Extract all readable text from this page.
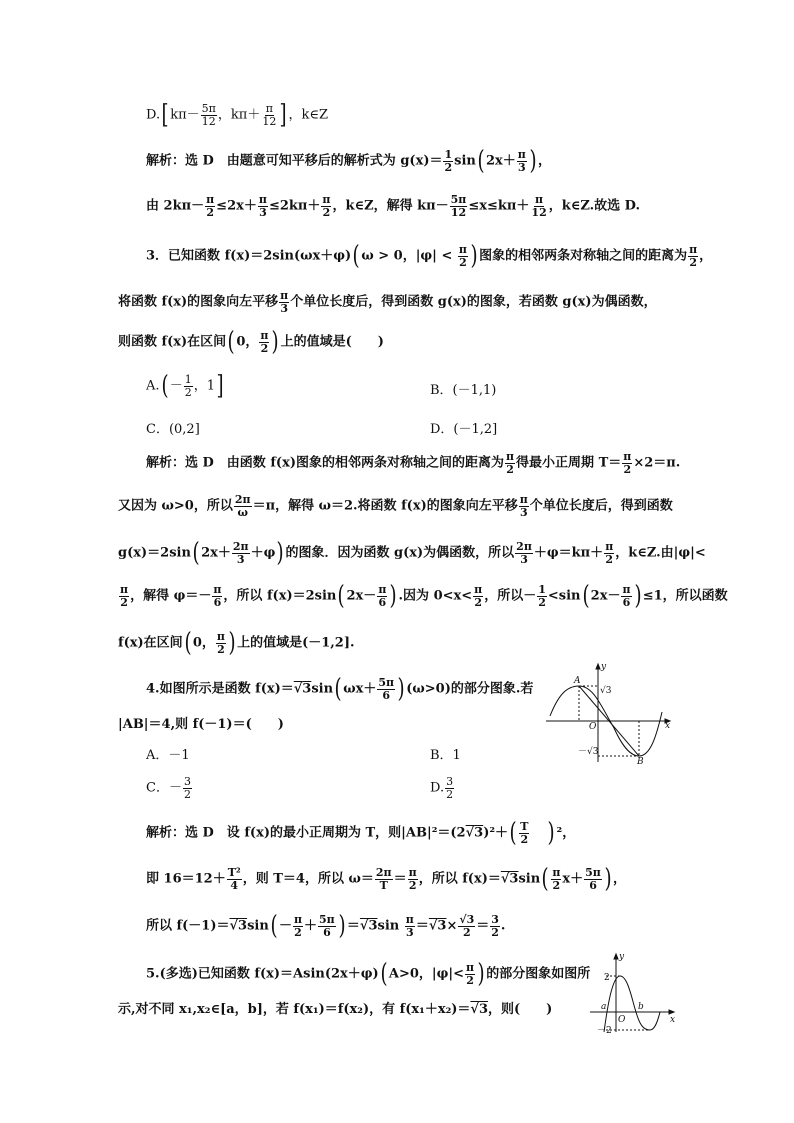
D.[ $k\pi- \frac{5\pi}{12}$ ，$k\pi+ \frac{\pi}{12}$ ] ，k∈Z
解析：选 D　由题意可知平移后的解析式为 $g(x)= \frac{1}{2} \sin$( $2x+ \frac{\pi}{3}$ ) ，
由 $2k\pi- \frac{\pi}{2} \le 2x+ \frac{\pi}{3} \le 2k\pi+ \frac{\pi}{2}$ ，k∈Z，解得 $k\pi- \frac{5\pi}{12} \le x\le k\pi+ \frac{\pi}{12}$ ，k∈Z.故选 D.
3．已知函数 f(x)＝2sin(ωx＋φ)( ω > 0，$|\varphi| < \frac{\pi}{2}$ ) 图象的相邻两条对称轴之间的距离为 $\frac{\pi}{2}$ ，
将函数 f(x)的图象向左平移 $\frac{\pi}{3}$ 个单位长度后，得到函数 g(x)的图象，若函数 g(x)为偶函数，
则函数 f(x)在区间( 0， $\frac{\pi}{2}$ ) 上的值域是(　　)
$A.( - \frac{1}{2}$ ，1]	B．(－1,1)
C．(0,2]	D．(－1,2]
解析：选 D　由函数 f(x)图象的相邻两条对称轴之间的距离为 $\frac{\pi}{2}$ 得最小正周期 $T= \frac{\pi}{2} \times 2=\pi$.
又因为 ω>0，所以 $\frac{2\pi}{\omega} =\pi$，解得 ω＝2.将函数 f(x)的图象向左平移 $\frac{\pi}{3}$ 个单位长度后，得到函数
g(x)＝2sin( $2x+ \frac{2\pi}{3} +\varphi$) 的图象．因为函数 g(x)为偶函数，所以 $\frac{2\pi}{3} +\varphi=k\pi+ \frac{\pi}{2}$ ，k∈Z.由|φ|<
$\frac{\pi}{2}$ ，解得 $\varphi=- \frac{\pi}{6}$ ，所以 f(x)＝2sin( $2x- \frac{\pi}{6}$ ) .因为 $0<x< \frac{\pi}{2}$ ，所以－ $\frac{1}{2} <\sin$( $2x- \frac{\pi}{6}$ ) ≤1，所以函数
f(x)在区间( 0， $\frac{\pi}{2}$ ) 上的值域是(－1,2].
4.如图所示是函数 f(x)＝√3sin( $\omega x+ \frac{5\pi}{6}$ ) (ω>0)的部分图象.若
|AB|＝4,则 f(－1)＝(　　)
A．－1	B．1
C．－ $\frac{3}{2}$	D. $\frac{3}{2}$
A
B
O	x
y
√3
－√3
解析：选 D　设 f(x)的最小正周期为 T，则$|AB|^2=(2√3)^2+( \frac{T}{2}$ ) ²，
即 $16=12+ \frac{\text{T²}}{4}$ ，则 T＝4，所以 $\omega= \frac{2\pi}{T} = \frac{\pi}{2}$ ，所以 $f(x)=√3\sin( \frac{\pi}{2} x+ \frac{5\pi}{6}$ ) ，
所以 $f(-1)=√3\sin( - \frac{\pi}{2} + \frac{5\pi}{6}$ ) $=√3\sin \frac{\pi}{3} =√3\times \frac{√3}{2} = \frac{3}{2}$ .
5.(多选)已知函数 f(x)＝Asin(2x＋φ)( A>0，$|\varphi|< \frac{\pi}{2}$ ) 的部分图象如图所
示,对不同 x₁,x₂∈[a，b]，若 f(x₁)＝f(x₂)，有 f(x₁＋x₂)＝√3，则(　　)
y
x
2
－2
a	b
O
